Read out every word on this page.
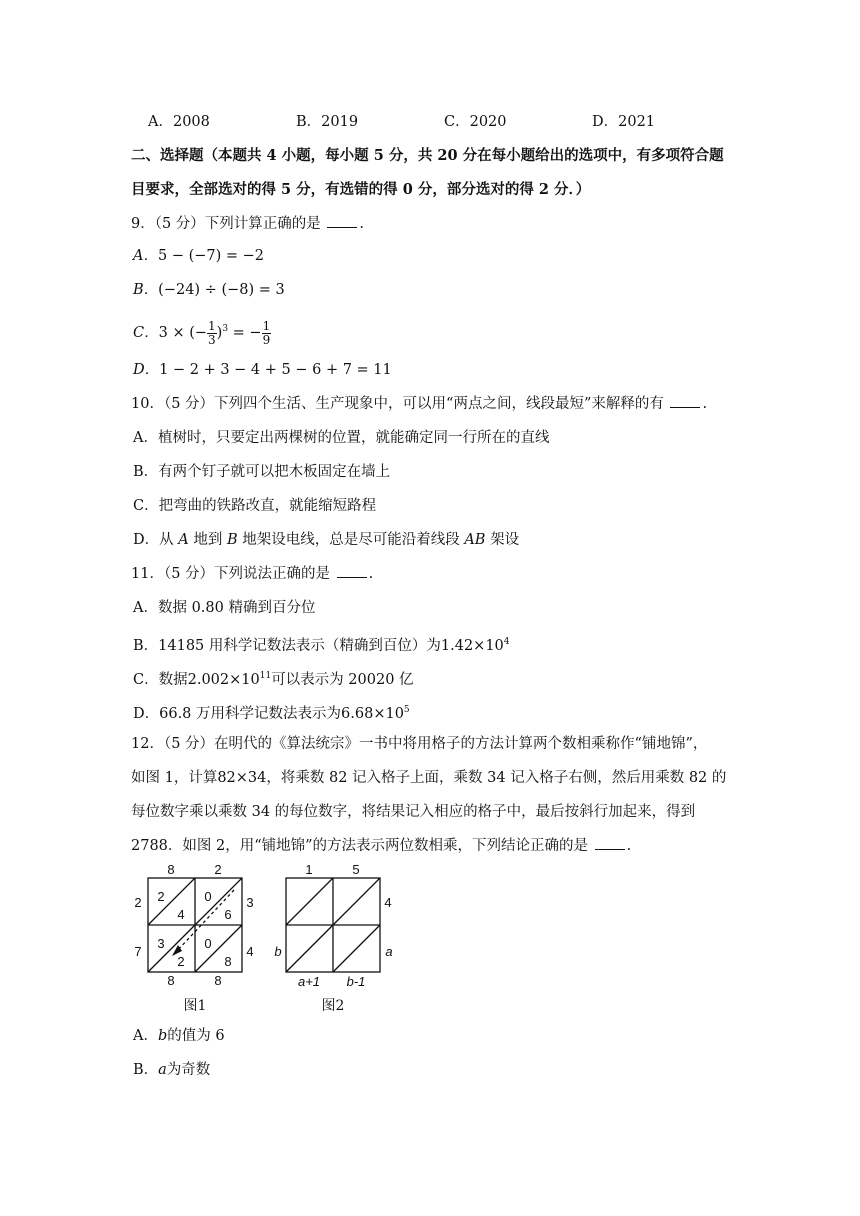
A．2008	B．2019	C．2020	D．2021
二、选择题（本题共 4 小题，每小题 5 分，共 20 分在每小题给出的选项中，有多项符合题
目要求，全部选对的得 5 分，有选错的得 0 分，部分选对的得 2 分．）
9．（5 分）下列计算正确的是	.
A．5 − (−7) = −2
B．(−24) ÷ (−8) = 3
C．3 × (− $\frac{1}{3} )^3$ = − $\frac{1}{9}$
D．1 − 2 + 3 − 4 + 5 − 6 + 7 = 11
10．（5 分）下列四个生活、生产现象中，可以用“两点之间，线段最短”来解释的有	.
A．植树时，只要定出两棵树的位置，就能确定同一行所在的直线
B．有两个钉子就可以把木板固定在墙上
C．把弯曲的铁路改直，就能缩短路程
D．从 A 地到 B 地架设电线，总是尽可能沿着线段 AB 架设
11．（5 分）下列说法正确的是	.
A．数据 0.80 精确到百分位
B．14185 用科学记数法表示（精确到百位）为$1.42\times 10^4$
C．数据$2.002\times 10^{11}$可以表示为 20020 亿
D．66.8 万用科学记数法表示为$6.68\times 10^5$
12．（5 分）在明代的《算法统宗》一书中将用格子的方法计算两个数相乘称作“铺地锦”，
如图 1，计算82×34，将乘数 82 记入格子上面，乘数 34 记入格子右侧，然后用乘数 82 的
每位数字乘以乘数 34 的每位数字，将结果记入相应的格子中，最后按斜行加起来，得到
2788．如图 2，用“铺地锦”的方法表示两位数相乘，下列结论正确的是	.
8	2
2
7
3
4
8	8
2
4
0
6
3
2
0
8
1	5
4
a
b
a+1 b-1
图1	图2
A．b的值为 6
B．a为奇数
